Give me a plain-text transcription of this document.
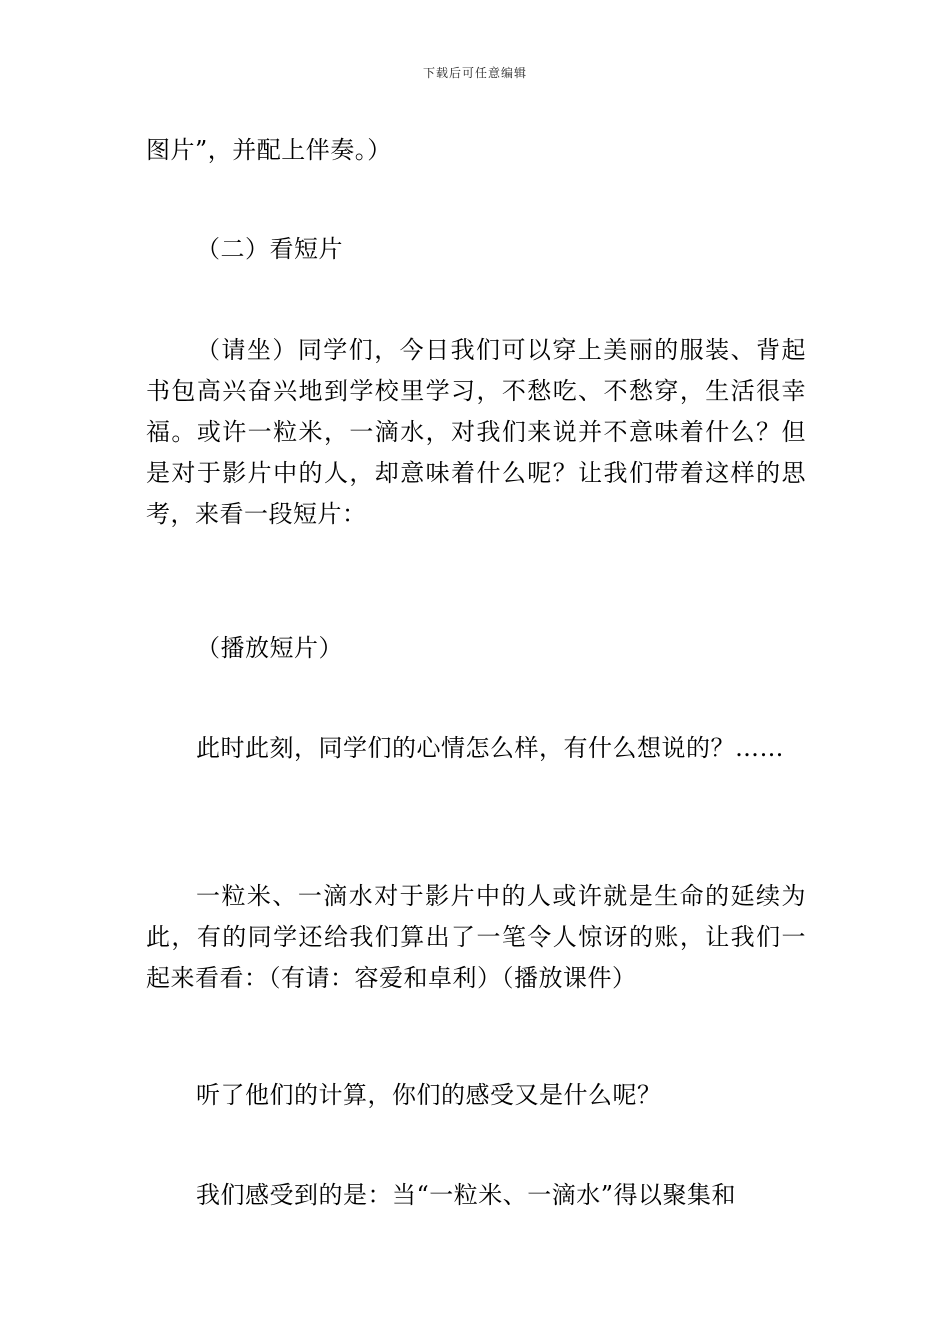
下载后可任意编辑

图片”，并配上伴奏。）

（二）看短片

（请坐）同学们，今日我们可以穿上美丽的服装、背起书包高兴奋兴地到学校里学习，不愁吃、不愁穿，生活很幸福。或许一粒米，一滴水，对我们来说并不意味着什么？但是对于影片中的人，却意味着什么呢？让我们带着这样的思考，来看一段短片：

（播放短片）

此时此刻，同学们的心情怎么样，有什么想说的？……

一粒米、一滴水对于影片中的人或许就是生命的延续为此，有的同学还给我们算出了一笔令人惊讶的账，让我们一起来看看：（有请：容爱和卓利）（播放课件）

听了他们的计算，你们的感受又是什么呢？

我们感受到的是：当“一粒米、一滴水”得以聚集和
